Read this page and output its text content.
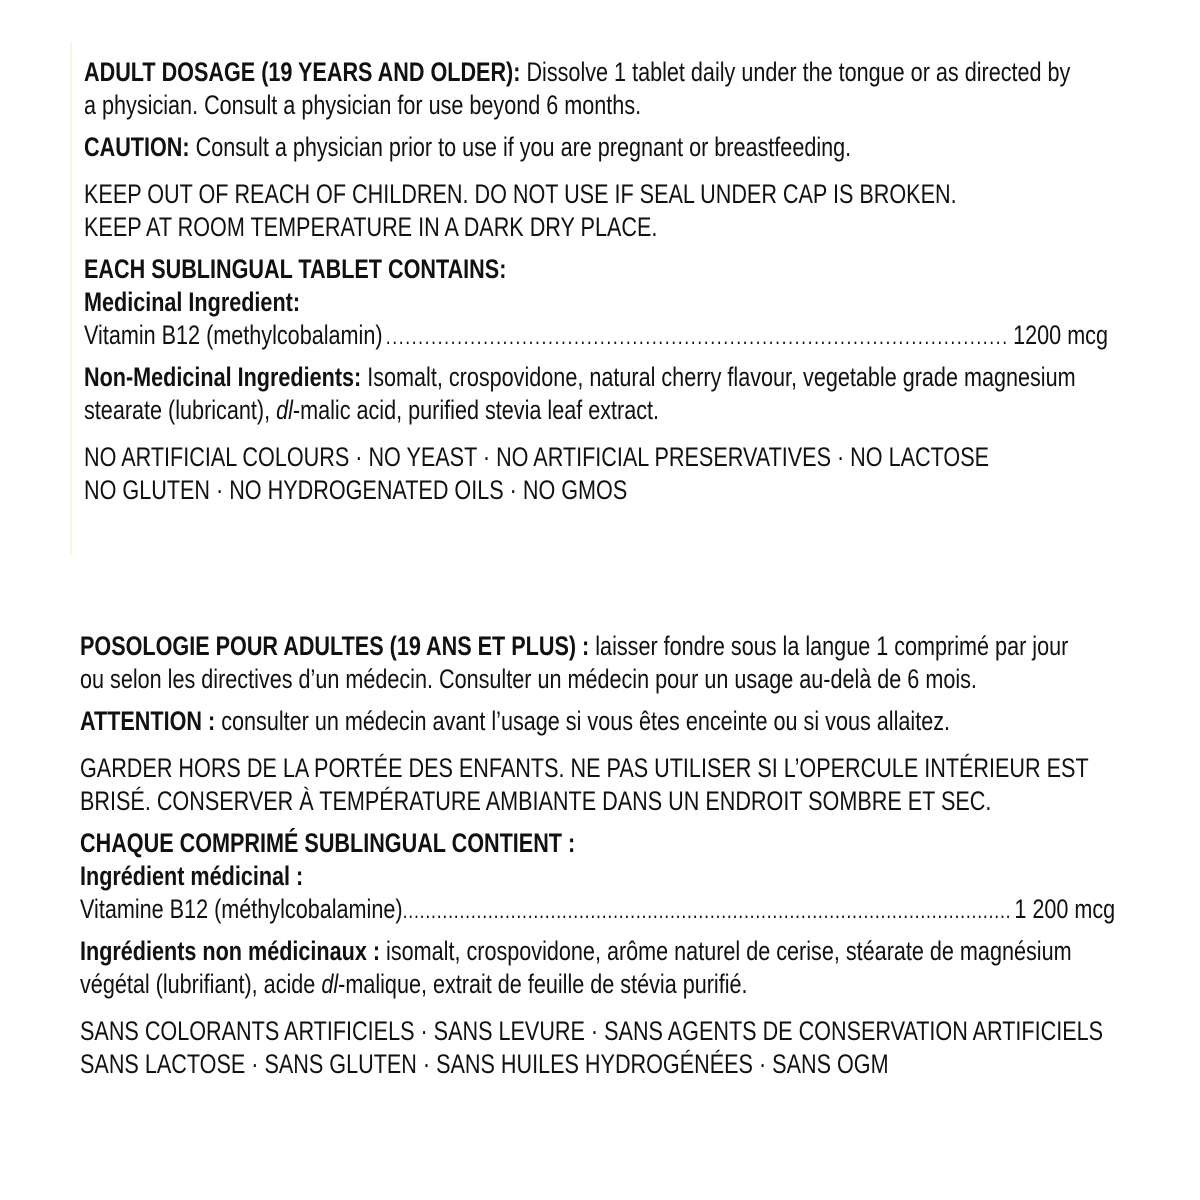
ADULT DOSAGE (19 YEARS AND OLDER): Dissolve 1 tablet daily under the tongue or as directed by a physician. Consult a physician for use beyond 6 months.

CAUTION: Consult a physician prior to use if you are pregnant or breastfeeding.

KEEP OUT OF REACH OF CHILDREN. DO NOT USE IF SEAL UNDER CAP IS BROKEN.

KEEP AT ROOM TEMPERATURE IN A DARK DRY PLACE.

EACH SUBLINGUAL TABLET CONTAINS:

Medicinal Ingredient:

Vitamin B12 (methylcobalamin) .....	1200 mcg

Non-Medicinal Ingredients: Isomalt, crospovidone, natural cherry flavour, vegetable grade magnesium stearate (lubricant), dl-malic acid, purified stevia leaf extract.

NO ARTIFICIAL COLOURS · NO YEAST · NO ARTIFICIAL PRESERVATIVES · NO LACTOSE

NO GLUTEN · NO HYDROGENATED OILS · NO GMOS

POSOLOGIE POUR ADULTES (19 ANS ET PLUS) : laisser fondre sous la langue 1 comprimé par jour ou selon les directives d’un médecin. Consulter un médecin pour un usage au-delà de 6 mois.

ATTENTION : consulter un médecin avant l’usage si vous êtes enceinte ou si vous allaitez.

GARDER HORS DE LA PORTÉE DES ENFANTS. NE PAS UTILISER SI L’OPERCULE INTÉRIEUR EST BRISÉ. CONSERVER À TEMPÉRATURE AMBIANTE DANS UN ENDROIT SOMBRE ET SEC.

CHAQUE COMPRIMÉ SUBLINGUAL CONTIENT :

Ingrédient médicinal :

Vitamine B12 (méthylcobalamine) .....	1 200 mcg

Ingrédients non médicinaux : isomalt, crospovidone, arôme naturel de cerise, stéarate de magnésium végétal (lubrifiant), acide dl-malique, extrait de feuille de stévia purifié.

SANS COLORANTS ARTIFICIELS · SANS LEVURE · SANS AGENTS DE CONSERVATION ARTIFICIELS

SANS LACTOSE · SANS GLUTEN · SANS HUILES HYDROGÉNÉES · SANS OGM
